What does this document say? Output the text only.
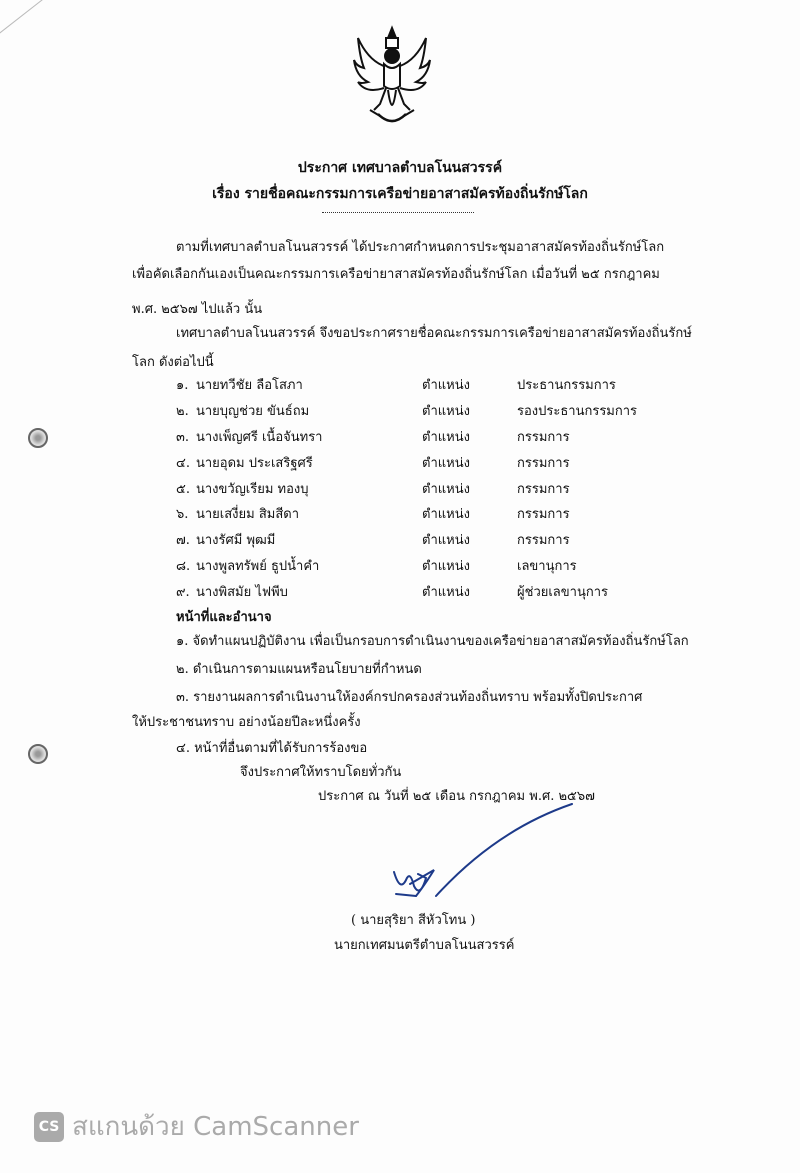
ประกาศ เทศบาลตำบลโนนสวรรค์
เรื่อง รายชื่อคณะกรรมการเครือข่ายอาสาสมัครท้องถิ่นรักษ์โลก
ตามที่เทศบาลตำบลโนนสวรรค์ ได้ประกาศกำหนดการประชุมอาสาสมัครท้องถิ่นรักษ์โลก
เพื่อคัดเลือกกันเองเป็นคณะกรรมการเครือข่ายาสาสมัครท้องถิ่นรักษ์โลก เมื่อวันที่ ๒๕ กรกฎาคม
พ.ศ. ๒๕๖๗ ไปแล้ว นั้น
เทศบาลตำบลโนนสวรรค์ จึงขอประกาศรายชื่อคณะกรรมการเครือข่ายอาสาสมัครท้องถิ่นรักษ์
โลก ดังต่อไปนี้
๑. นายทวีชัย ลือโสภา	ตำแหน่ง	ประธานกรรมการ
๒. นายบุญช่วย ขันธ์ถม	ตำแหน่ง	รองประธานกรรมการ
๓. นางเพ็ญศรี เนื้อจันทรา	ตำแหน่ง	กรรมการ
๔. นายอุดม ประเสริฐศรี	ตำแหน่ง	กรรมการ
๕. นางขวัญเรียม ทองบุ	ตำแหน่ง	กรรมการ
๖. นายเสงี่ยม สิมสีดา	ตำแหน่ง	กรรมการ
๗. นางรัศมี พุฒมี	ตำแหน่ง	กรรมการ
๘. นางพูลทรัพย์ ธูปน้ำคำ	ตำแหน่ง	เลขานุการ
๙. นางพิสมัย ไฟพีบ	ตำแหน่ง	ผู้ช่วยเลขานุการ
หน้าที่และอำนาจ
๑. จัดทำแผนปฏิบัติงาน เพื่อเป็นกรอบการดำเนินงานของเครือข่ายอาสาสมัครท้องถิ่นรักษ์โลก
๒. ดำเนินการตามแผนหรือนโยบายที่กำหนด
๓. รายงานผลการดำเนินงานให้องค์กรปกครองส่วนท้องถิ่นทราบ พร้อมทั้งปิดประกาศ
ให้ประชาชนทราบ อย่างน้อยปีละหนึ่งครั้ง
๔. หน้าที่อื่นตามที่ได้รับการร้องขอ
จึงประกาศให้ทราบโดยทั่วกัน
ประกาศ ณ วันที่ ๒๕ เดือน กรกฎาคม พ.ศ. ๒๕๖๗
( นายสุริยา สีหัวโทน )
นายกเทศมนตรีตำบลโนนสวรรค์
CS สแกนด้วย CamScanner
